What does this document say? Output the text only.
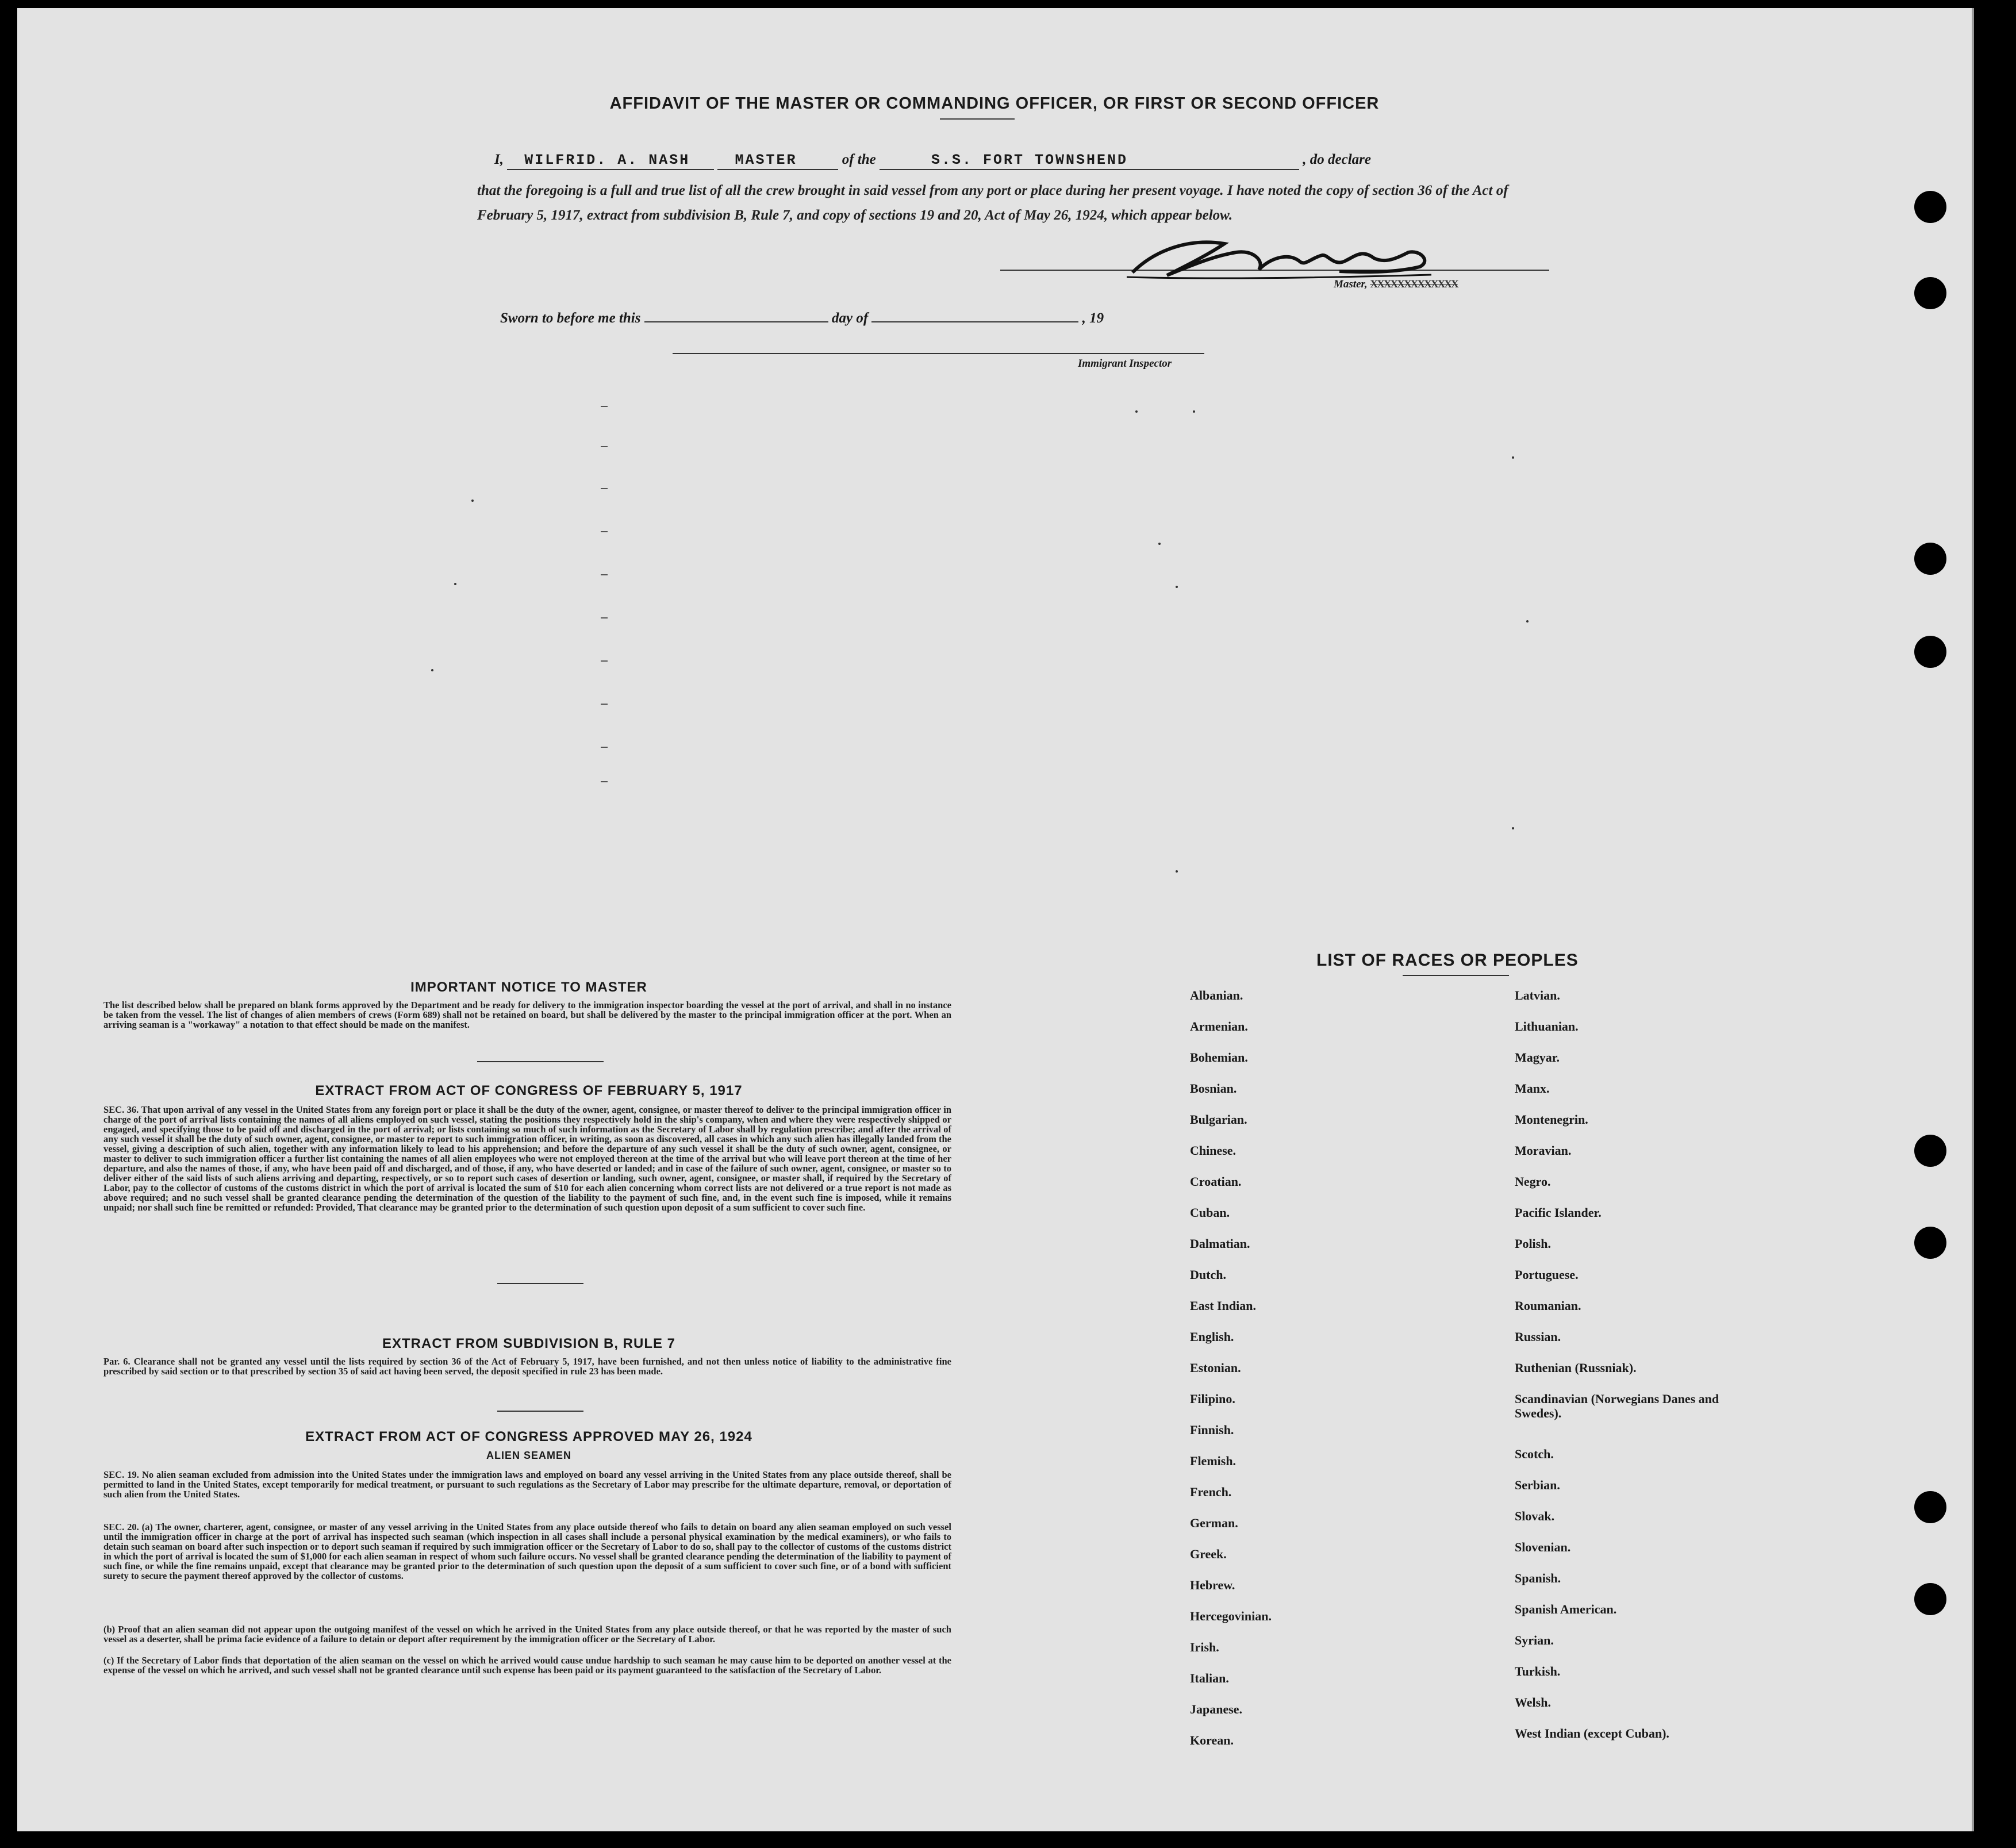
AFFIDAVIT OF THE MASTER OR COMMANDING OFFICER, OR FIRST OR SECOND OFFICER
I, WILFRID. A. NASH	MASTER	of the	S.S. FORT TOWNSHEND	, do declare
that the foregoing is a full and true list of all the crew brought in said vessel from any port or place during her present voyage. I have noted the copy of section 36 of the Act of February 5, 1917, extract from subdivision B, Rule 7, and copy of sections 19 and 20, Act of May 26, 1924, which appear below.
Master, XXXXXXXXXXXXX
Sworn to before me this	day of	, 19
Immigrant Inspector
IMPORTANT NOTICE TO MASTER
The list described below shall be prepared on blank forms approved by the Department and be ready for delivery to the immigration inspector boarding the vessel at the port of arrival, and shall in no instance be taken from the vessel. The list of changes of alien members of crews (Form 689) shall not be retained on board, but shall be delivered by the master to the principal immigration officer at the port. When an arriving seaman is a "workaway" a notation to that effect should be made on the manifest.
EXTRACT FROM ACT OF CONGRESS OF FEBRUARY 5, 1917
SEC. 36. That upon arrival of any vessel in the United States from any foreign port or place it shall be the duty of the owner, agent, consignee, or master thereof to deliver to the principal immigration officer in charge of the port of arrival lists containing the names of all aliens employed on such vessel, stating the positions they respectively hold in the ship's company, when and where they were respectively shipped or engaged, and specifying those to be paid off and discharged in the port of arrival; or lists containing so much of such information as the Secretary of Labor shall by regulation prescribe; and after the arrival of any such vessel it shall be the duty of such owner, agent, consignee, or master to report to such immigration officer, in writing, as soon as discovered, all cases in which any such alien has illegally landed from the vessel, giving a description of such alien, together with any information likely to lead to his apprehension; and before the departure of any such vessel it shall be the duty of such owner, agent, consignee, or master to deliver to such immigration officer a further list containing the names of all alien employees who were not employed thereon at the time of the arrival but who will leave port thereon at the time of her departure, and also the names of those, if any, who have been paid off and discharged, and of those, if any, who have deserted or landed; and in case of the failure of such owner, agent, consignee, or master so to deliver either of the said lists of such aliens arriving and departing, respectively, or so to report such cases of desertion or landing, such owner, agent, consignee, or master shall, if required by the Secretary of Labor, pay to the collector of customs of the customs district in which the port of arrival is located the sum of $10 for each alien concerning whom correct lists are not delivered or a true report is not made as above required; and no such vessel shall be granted clearance pending the determination of the question of the liability to the payment of such fine, and, in the event such fine is imposed, while it remains unpaid; nor shall such fine be remitted or refunded: Provided, That clearance may be granted prior to the determination of such question upon deposit of a sum sufficient to cover such fine.
EXTRACT FROM SUBDIVISION B, RULE 7
Par. 6. Clearance shall not be granted any vessel until the lists required by section 36 of the Act of February 5, 1917, have been furnished, and not then unless notice of liability to the administrative fine prescribed by said section or to that prescribed by section 35 of said act having been served, the deposit specified in rule 23 has been made.
EXTRACT FROM ACT OF CONGRESS APPROVED MAY 26, 1924
ALIEN SEAMEN
SEC. 19. No alien seaman excluded from admission into the United States under the immigration laws and employed on board any vessel arriving in the United States from any place outside thereof, shall be permitted to land in the United States, except temporarily for medical treatment, or pursuant to such regulations as the Secretary of Labor may prescribe for the ultimate departure, removal, or deportation of such alien from the United States.
SEC. 20. (a) The owner, charterer, agent, consignee, or master of any vessel arriving in the United States from any place outside thereof who fails to detain on board any alien seaman employed on such vessel until the immigration officer in charge at the port of arrival has inspected such seaman (which inspection in all cases shall include a personal physical examination by the medical examiners), or who fails to detain such seaman on board after such inspection or to deport such seaman if required by such immigration officer or the Secretary of Labor to do so, shall pay to the collector of customs of the customs district in which the port of arrival is located the sum of $1,000 for each alien seaman in respect of whom such failure occurs. No vessel shall be granted clearance pending the determination of the liability to payment of such fine, or while the fine remains unpaid, except that clearance may be granted prior to the determination of such question upon the deposit of a sum sufficient to cover such fine, or of a bond with sufficient surety to secure the payment thereof approved by the collector of customs.
(b) Proof that an alien seaman did not appear upon the outgoing manifest of the vessel on which he arrived in the United States from any place outside thereof, or that he was reported by the master of such vessel as a deserter, shall be prima facie evidence of a failure to detain or deport after requirement by the immigration officer or the Secretary of Labor.
(c) If the Secretary of Labor finds that deportation of the alien seaman on the vessel on which he arrived would cause undue hardship to such seaman he may cause him to be deported on another vessel at the expense of the vessel on which he arrived, and such vessel shall not be granted clearance until such expense has been paid or its payment guaranteed to the satisfaction of the Secretary of Labor.
LIST OF RACES OR PEOPLES
Albanian.
Armenian.
Bohemian.
Bosnian.
Bulgarian.
Chinese.
Croatian.
Cuban.
Dalmatian.
Dutch.
East Indian.
English.
Estonian.
Filipino.
Finnish.
Flemish.
French.
German.
Greek.
Hebrew.
Hercegovinian.
Irish.
Italian.
Japanese.
Korean.
Latvian.
Lithuanian.
Magyar.
Manx.
Montenegrin.
Moravian.
Negro.
Pacific Islander.
Polish.
Portuguese.
Roumanian.
Russian.
Ruthenian (Russniak).
Scandinavian (Norwegians Danes and Swedes).
Scotch.
Serbian.
Slovak.
Slovenian.
Spanish.
Spanish American.
Syrian.
Turkish.
Welsh.
West Indian (except Cuban).
